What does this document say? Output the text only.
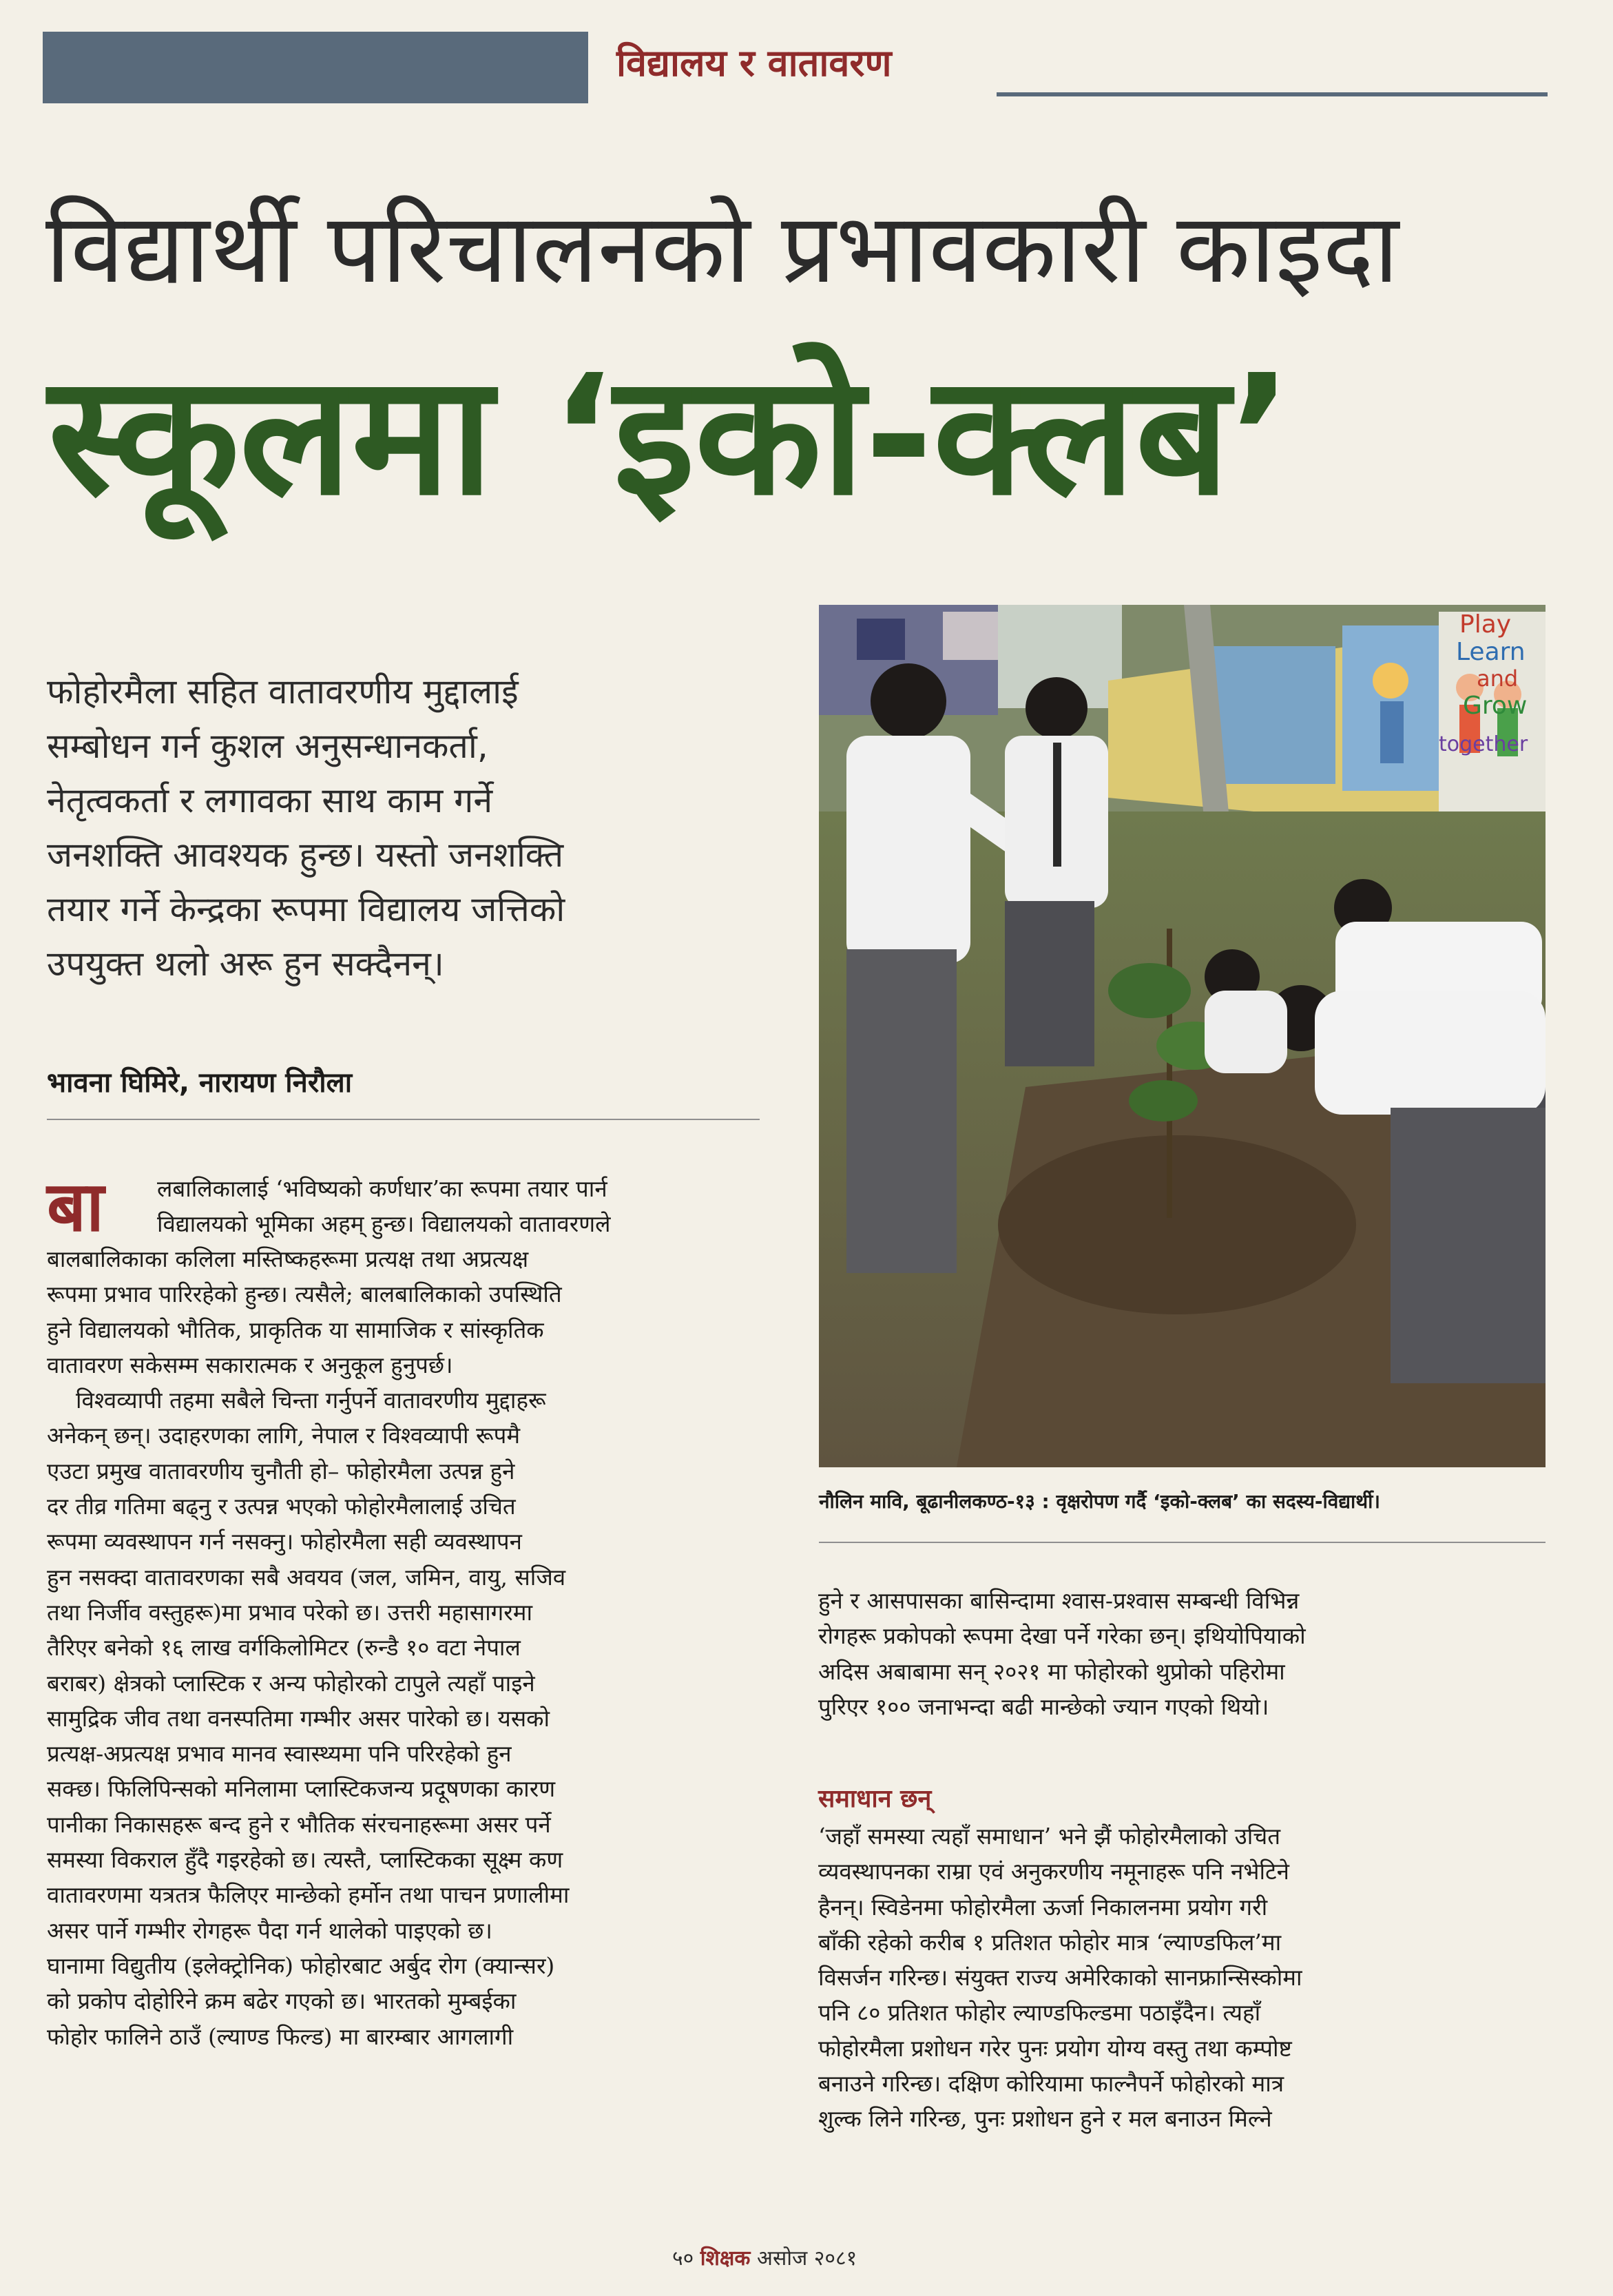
विद्यालय र वातावरण
विद्यार्थी परिचालनको प्रभावकारी काइदा
स्कूलमा ‘इको-क्लब’

फोहोरमैला सहित वातावरणीय मुद्दालाई

सम्बोधन गर्न कुशल अनुसन्धानकर्ता,

नेतृत्वकर्ता र लगावका साथ काम गर्ने

जनशक्ति आवश्यक हुन्छ। यस्तो जनशक्ति

तयार गर्ने केन्द्रका रूपमा विद्यालय जत्तिको

उपयुक्त थलो अरू हुन सक्दैनन्।

भावना घिमिरे, नारायण निरौला
बा लबालिकालाई ‘भविष्यको कर्णधार’का रूपमा तयार पार्न

विद्यालयको भूमिका अहम् हुन्छ। विद्यालयको वातावरणले

बालबालिकाका कलिला मस्तिष्कहरूमा प्रत्यक्ष तथा अप्रत्यक्ष

रूपमा प्रभाव पारिरहेको हुन्छ। त्यसैले; बालबालिकाको उपस्थिति

हुने विद्यालयको भौतिक, प्राकृतिक या सामाजिक र सांस्कृतिक

वातावरण सकेसम्म सकारात्मक र अनुकूल हुनुपर्छ।

विश्वव्यापी तहमा सबैले चिन्ता गर्नुपर्ने वातावरणीय मुद्दाहरू

अनेकन् छन्। उदाहरणका लागि, नेपाल र विश्वव्यापी रूपमै

एउटा प्रमुख वातावरणीय चुनौती हो– फोहोरमैला उत्पन्न हुने

दर तीव्र गतिमा बढ्नु र उत्पन्न भएको फोहोरमैलालाई उचित

रूपमा व्यवस्थापन गर्न नसक्नु। फोहोरमैला सही व्यवस्थापन

हुन नसक्दा वातावरणका सबै अवयव (जल, जमिन, वायु, सजिव

तथा निर्जीव वस्तुहरू)मा प्रभाव परेको छ। उत्तरी महासागरमा

तैरिएर बनेको १६ लाख वर्गकिलोमिटर (रुन्डै १० वटा नेपाल

बराबर) क्षेत्रको प्लास्टिक र अन्य फोहोरको टापुले त्यहाँ पाइने

सामुद्रिक जीव तथा वनस्पतिमा गम्भीर असर पारेको छ। यसको

प्रत्यक्ष-अप्रत्यक्ष प्रभाव मानव स्वास्थ्यमा पनि परिरहेको हुन

सक्छ। फिलिपिन्सको मनिलामा प्लास्टिकजन्य प्रदूषणका कारण

पानीका निकासहरू बन्द हुने र भौतिक संरचनाहरूमा असर पर्ने

समस्या विकराल हुँदै गइरहेको छ। त्यस्तै, प्लास्टिकका सूक्ष्म कण

वातावरणमा यत्रतत्र फैलिएर मान्छेको हर्मोन तथा पाचन प्रणालीमा

असर पार्ने गम्भीर रोगहरू पैदा गर्न थालेको पाइएको छ।

घानामा विद्युतीय (इलेक्ट्रोनिक) फोहोरबाट अर्बुद रोग (क्यान्सर)

को प्रकोप दोहोरिने क्रम बढेर गएको छ। भारतको मुम्बईका

फोहोर फालिने ठाउँ (ल्याण्ड फिल्ड) मा बारम्बार आगलागी

Play
Learn
and
Grow
together
नौलिन मावि, बूढानीलकण्ठ-१३ : वृक्षरोपण गर्दै ‘इको-क्लब’ का सदस्य-विद्यार्थी।

हुने र आसपासका बासिन्दामा श्वास-प्रश्वास सम्बन्धी विभिन्न

रोगहरू प्रकोपको रूपमा देखा पर्ने गरेका छन्। इथियोपियाको

अदिस अबाबामा सन् २०२१ मा फोहोरको थुप्रोको पहिरोमा

पुरिएर १०० जनाभन्दा बढी मान्छेको ज्यान गएको थियो।

समाधान छन्

‘जहाँ समस्या त्यहाँ समाधान’ भने झैं फोहोरमैलाको उचित

व्यवस्थापनका राम्रा एवं अनुकरणीय नमूनाहरू पनि नभेटिने

हैनन्। स्विडेनमा फोहोरमैला ऊर्जा निकालनमा प्रयोग गरी

बाँकी रहेको करीब १ प्रतिशत फोहोर मात्र ‘ल्याण्डफिल’मा

विसर्जन गरिन्छ। संयुक्त राज्य अमेरिकाको सानफ्रान्सिस्कोमा

पनि ८० प्रतिशत फोहोर ल्याण्डफिल्डमा पठाइँदैन। त्यहाँ

फोहोरमैला प्रशोधन गरेर पुनः प्रयोग योग्य वस्तु तथा कम्पोष्ट

बनाउने गरिन्छ। दक्षिण कोरियामा फाल्नैपर्ने फोहोरको मात्र

शुल्क लिने गरिन्छ, पुनः प्रशोधन हुने र मल बनाउन मिल्ने

५० शिक्षक असोज २०८१
